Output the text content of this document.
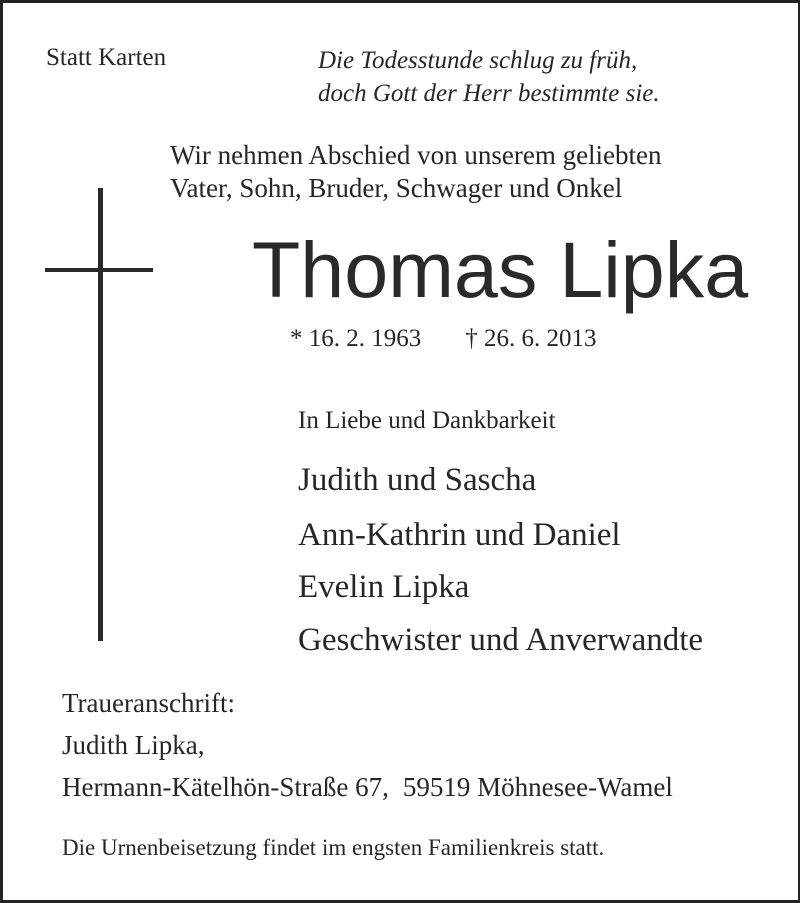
Statt Karten	Die Todesstunde schlug zu früh,
doch Gott der Herr bestimmte sie.
Wir nehmen Abschied von unserem geliebten
Vater, Sohn, Bruder, Schwager und Onkel
Thomas Lipka
* 16. 2. 1963 † 26. 6. 2013
In Liebe und Dankbarkeit
Judith und Sascha
Ann-Kathrin und Daniel
Evelin Lipka
Geschwister und Anverwandte
Traueranschrift:
Judith Lipka,
Hermann-Kätelhön-Straße 67, 59519 Möhnesee-Wamel
Die Urnenbeisetzung findet im engsten Familienkreis statt.
